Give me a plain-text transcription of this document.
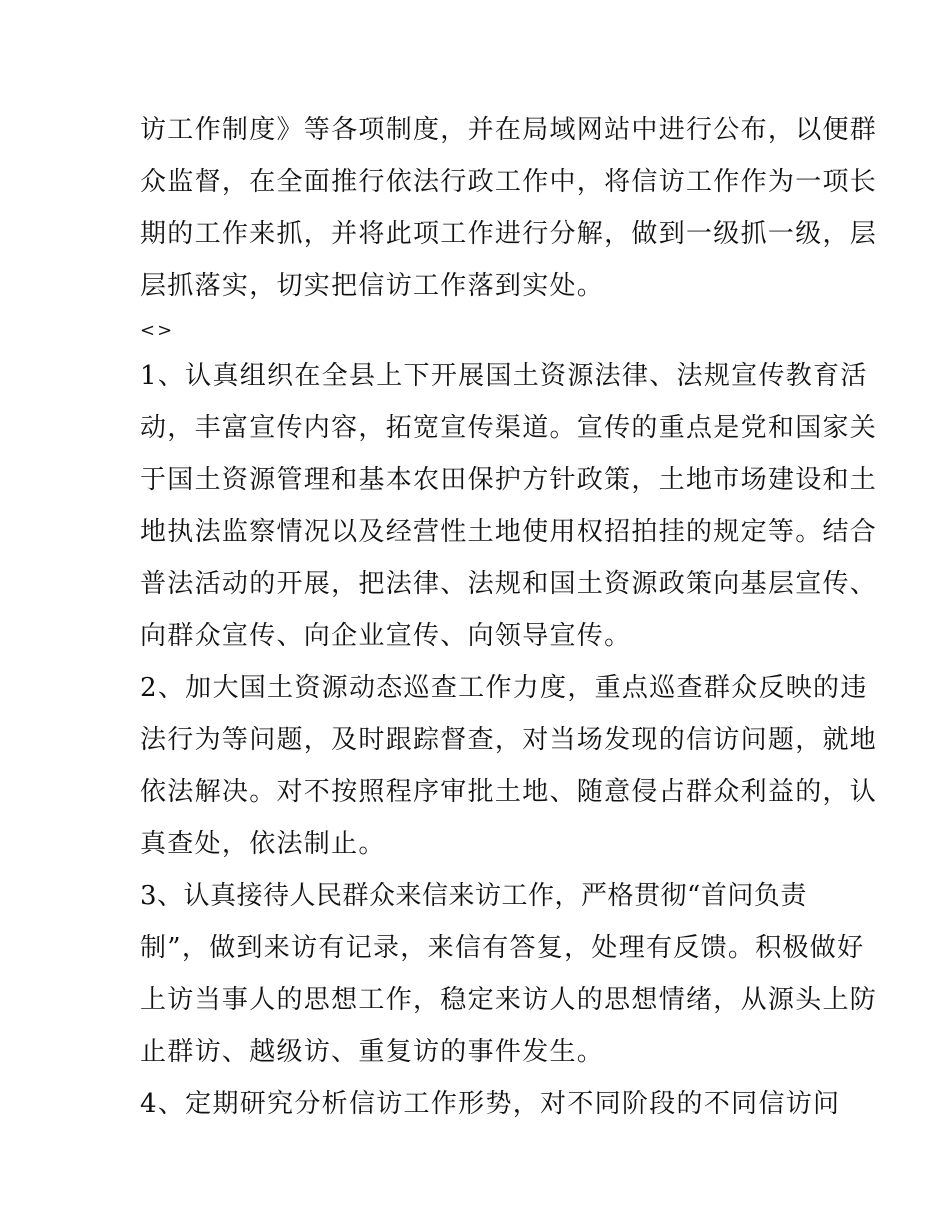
访工作制度》等各项制度，并在局域网站中进行公布，以便群
众监督，在全面推行依法行政工作中，将信访工作作为一项长
期的工作来抓，并将此项工作进行分解，做到一级抓一级，层
层抓落实，切实把信访工作落到实处。
<>
1、认真组织在全县上下开展国土资源法律、法规宣传教育活
动，丰富宣传内容，拓宽宣传渠道。宣传的重点是党和国家关
于国土资源管理和基本农田保护方针政策，土地市场建设和土
地执法监察情况以及经营性土地使用权招拍挂的规定等。结合
普法活动的开展，把法律、法规和国土资源政策向基层宣传、
向群众宣传、向企业宣传、向领导宣传。
2、加大国土资源动态巡查工作力度，重点巡查群众反映的违
法行为等问题，及时跟踪督查，对当场发现的信访问题，就地
依法解决。对不按照程序审批土地、随意侵占群众利益的，认
真查处，依法制止。
3、认真接待人民群众来信来访工作，严格贯彻“首问负责
制”，做到来访有记录，来信有答复，处理有反馈。积极做好
上访当事人的思想工作，稳定来访人的思想情绪，从源头上防
止群访、越级访、重复访的事件发生。
4、定期研究分析信访工作形势，对不同阶段的不同信访问
